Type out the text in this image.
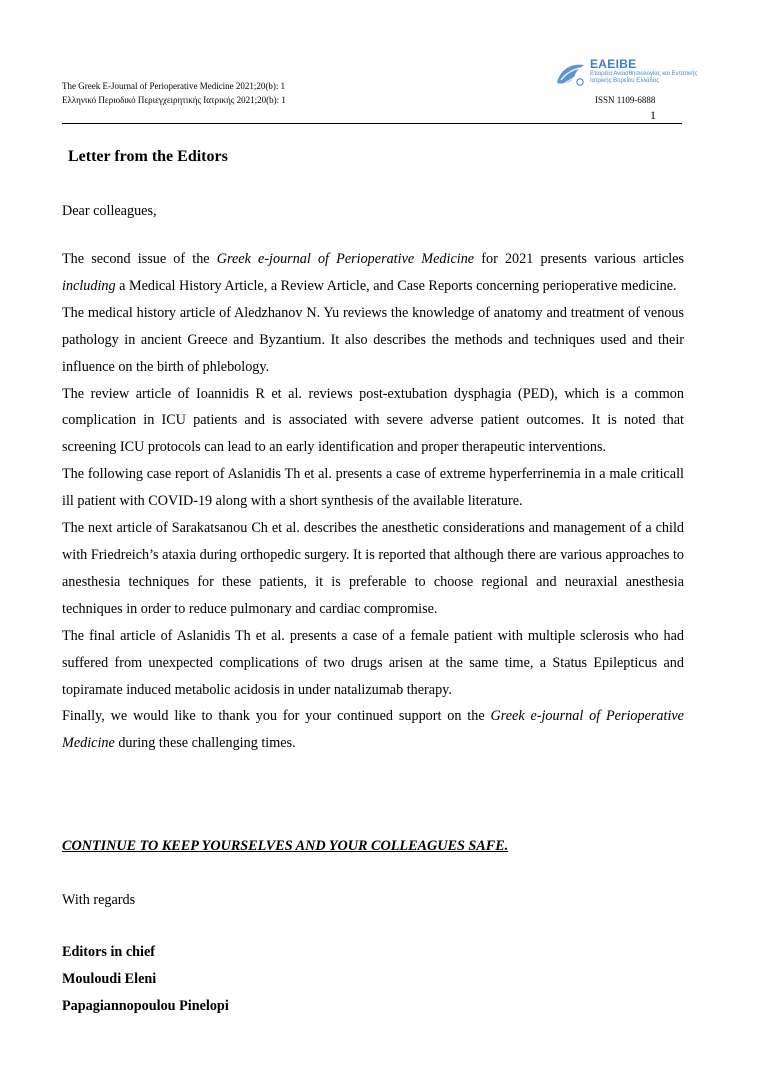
The Greek E-Journal of Perioperative Medicine 2021;20(b): 1
Ελληνικό Περιοδικό Περιεγχειρητικής Ιατρικής 2021;20(b): 1
ΕΑΕΙΒΕ
Εταιρεία Αναισθησιολογίας και Εντατικής Ιατρικής Βορείου Ελλάδος
ISSN 1109-6888
1
Letter from the Editors
Dear colleagues,

The second issue of the Greek e-journal of Perioperative Medicine for 2021 presents various articles including a Medical History Article, a Review Article, and Case Reports concerning perioperative medicine.

The medical history article of Aledzhanov N. Yu reviews the knowledge of anatomy and treatment of venous pathology in ancient Greece and Byzantium. It also describes the methods and techniques used and their influence on the birth of phlebology.

The review article of Ioannidis R et al. reviews post-extubation dysphagia (PED), which is a common complication in ICU patients and is associated with severe adverse patient outcomes. It is noted that screening ICU protocols can lead to an early identification and proper therapeutic interventions.

The following case report of Aslanidis Th et al. presents a case of extreme hyperferrinemia in a male criticall ill patient with COVID-19 along with a short synthesis of the available literature.

The next article of Sarakatsanou Ch et al. describes the anesthetic considerations and management of a child with Friedreich’s ataxia during orthopedic surgery. It is reported that although there are various approaches to anesthesia techniques for these patients, it is preferable to choose regional and neuraxial anesthesia techniques in order to reduce pulmonary and cardiac compromise.

The final article of Aslanidis Th et al. presents a case of a female patient with multiple sclerosis who had suffered from unexpected complications of two drugs arisen at the same time, a Status Epilepticus and topiramate induced metabolic acidosis in under natalizumab therapy.

Finally, we would like to thank you for your continued support on the Greek e-journal of Perioperative Medicine during these challenging times.

CONTINUE TO KEEP YOURSELVES AND YOUR COLLEAGUES SAFE.
With regards
Editors in chief
Mouloudi Eleni
Papagiannopoulou Pinelopi
